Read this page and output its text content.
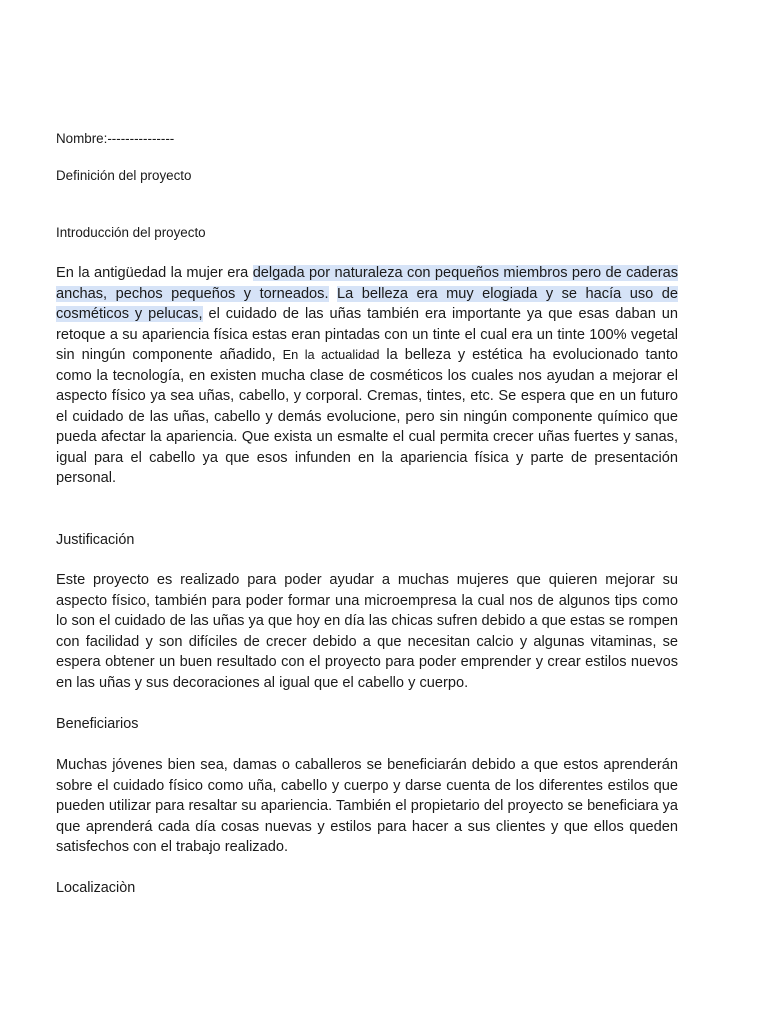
Nombre:---------------
Definición del proyecto
Introducción del proyecto
En la antigüedad la mujer era delgada por naturaleza con pequeños miembros pero de caderas anchas, pechos pequeños y torneados. La belleza era muy elogiada y se hacía uso de cosméticos y pelucas, el cuidado de las uñas también era importante ya que esas daban un retoque a su apariencia física estas eran pintadas con un tinte el cual era un tinte 100% vegetal sin ningún componente añadido, En la actualidad la belleza y estética ha evolucionado tanto como la tecnología, en existen mucha clase de cosméticos los cuales nos ayudan a mejorar el aspecto físico ya sea uñas, cabello, y corporal. Cremas, tintes, etc. Se espera que en un futuro el cuidado de las uñas, cabello y demás evolucione, pero sin ningún componente químico que pueda afectar la apariencia. Que exista un esmalte el cual permita crecer uñas fuertes y sanas, igual para el cabello ya que esos infunden en la apariencia física y parte de presentación personal.
Justificación
Este proyecto es realizado para poder ayudar a muchas mujeres que quieren mejorar su aspecto físico, también para poder formar una microempresa la cual nos de algunos tips como lo son el cuidado de las uñas ya que hoy en día las chicas sufren debido a que estas se rompen con facilidad y son difíciles de crecer debido a que necesitan calcio y algunas vitaminas, se espera obtener un buen resultado con el proyecto para poder emprender y crear estilos nuevos en las uñas y sus decoraciones al igual que el cabello y cuerpo.
Beneficiarios
Muchas jóvenes bien sea, damas o caballeros se beneficiarán debido a que estos aprenderán sobre el cuidado físico como uña, cabello y cuerpo y darse cuenta de los diferentes estilos que pueden utilizar para resaltar su apariencia. También el propietario del proyecto se beneficiara ya que aprenderá cada día cosas nuevas y estilos para hacer a sus clientes y que ellos queden satisfechos con el trabajo realizado.
Localizaciòn
